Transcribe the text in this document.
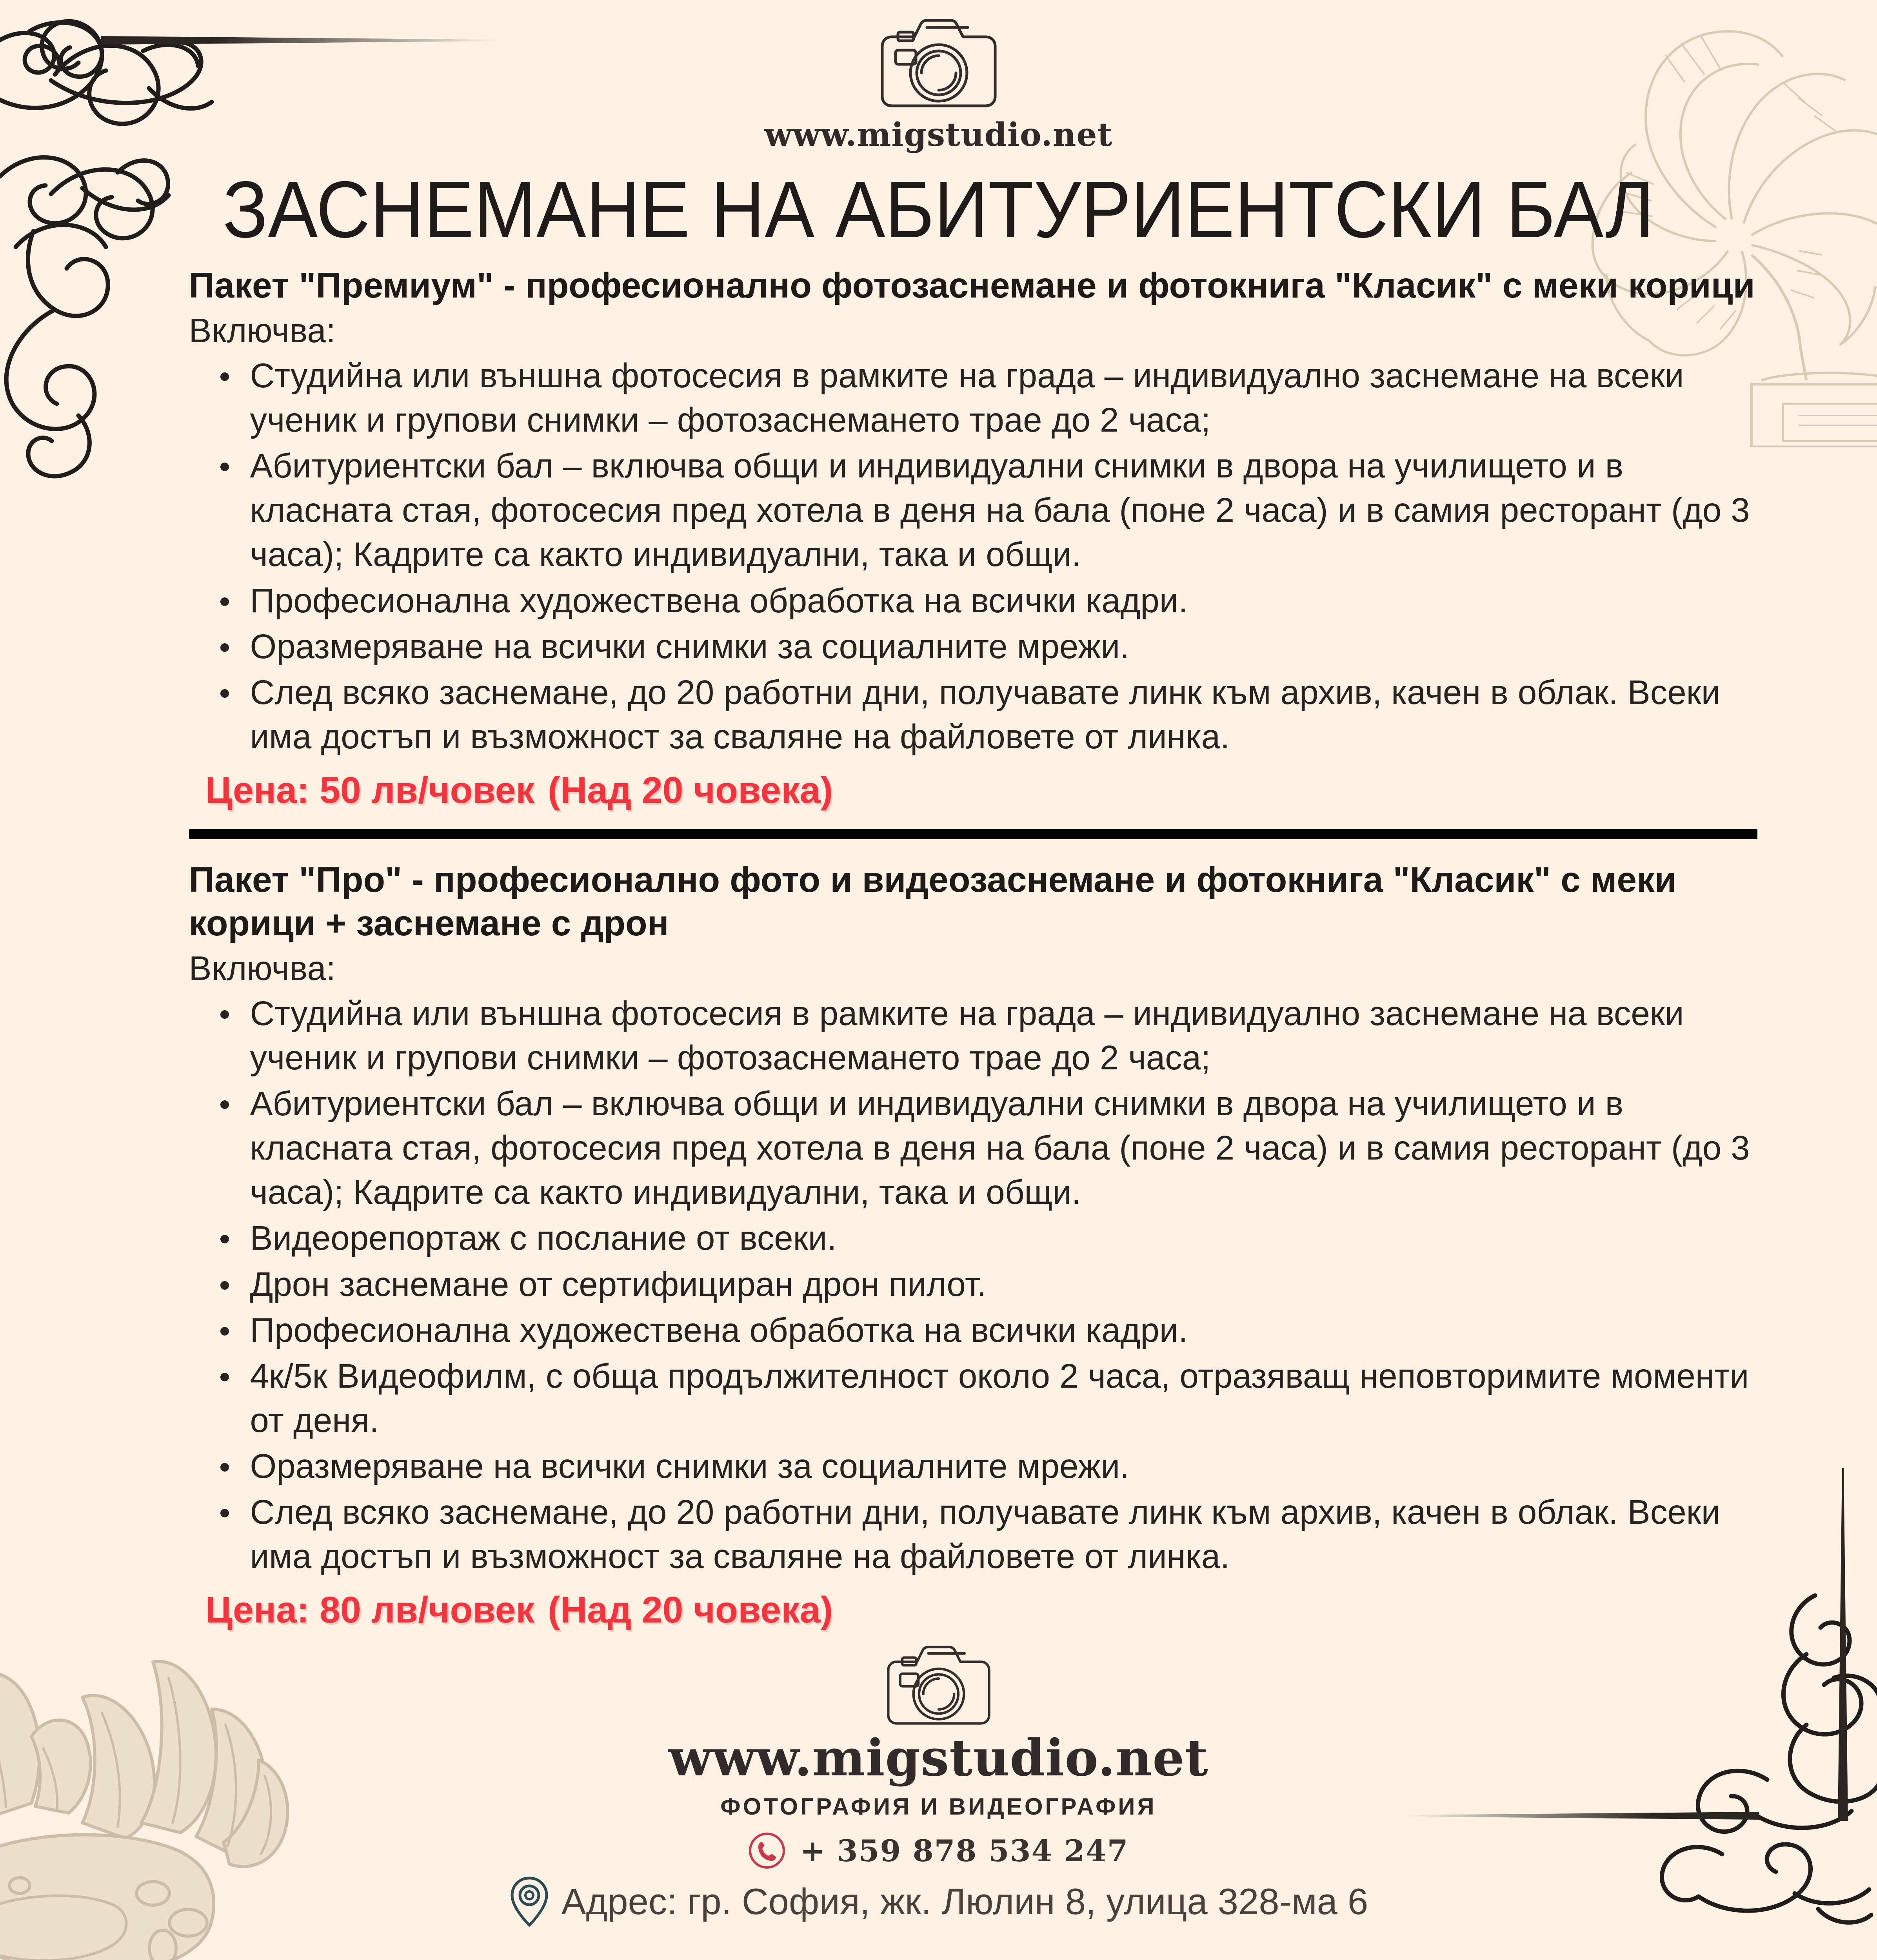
www.migstudio.net
ЗАСНЕМАНЕ НА АБИТУРИЕНТСКИ БАЛ
Пакет "Премиум" - професионално фотозаснемане и фотокнига "Класик" с меки корици
Включва:
Студийна или външна фотосесия в рамките на града – индивидуално заснемане на всеки ученик и групови снимки – фотозаснемането трае до 2 часа;
Абитуриентски бал – включва общи и индивидуални снимки в двора на училището и в класната стая, фотосесия пред хотела в деня на бала (поне 2 часа) и в самия ресторант (до 3 часа); Кадрите са както индивидуални, така и общи.
Професионална художествена обработка на всички кадри.
Оразмеряване на всички снимки за социалните мрежи.
След всяко заснемане, до 20 работни дни, получавате линк към архив, качен в облак. Всеки има достъп и възможност за сваляне на файловете от линка.
Цена: 50 лв/човек (Над 20 човека)
Пакет "Про" - професионално фото и видеозаснемане и фотокнига "Класик" с меки корици + заснемане с дрон
Включва:
Студийна или външна фотосесия в рамките на града – индивидуално заснемане на всеки ученик и групови снимки – фотозаснемането трае до 2 часа;
Абитуриентски бал – включва общи и индивидуални снимки в двора на училището и в класната стая, фотосесия пред хотела в деня на бала (поне 2 часа) и в самия ресторант (до 3 часа); Кадрите са както индивидуални, така и общи.
Видеорепортаж с послание от всеки.
Дрон заснемане от сертифициран дрон пилот.
Професионална художествена обработка на всички кадри.
4к/5к Видеофилм, с обща продължителност около 2 часа, отразяващ неповторимите моменти от деня.
Оразмеряване на всички снимки за социалните мрежи.
След всяко заснемане, до 20 работни дни, получавате линк към архив, качен в облак. Всеки има достъп и възможност за сваляне на файловете от линка.
Цена: 80 лв/човек (Над 20 човека)
www.migstudio.net
ФОТОГРАФИЯ И ВИДЕОГРАФИЯ
+ 359 878 534 247
Адрес: гр. София, жк. Люлин 8, улица 328-ма 6
